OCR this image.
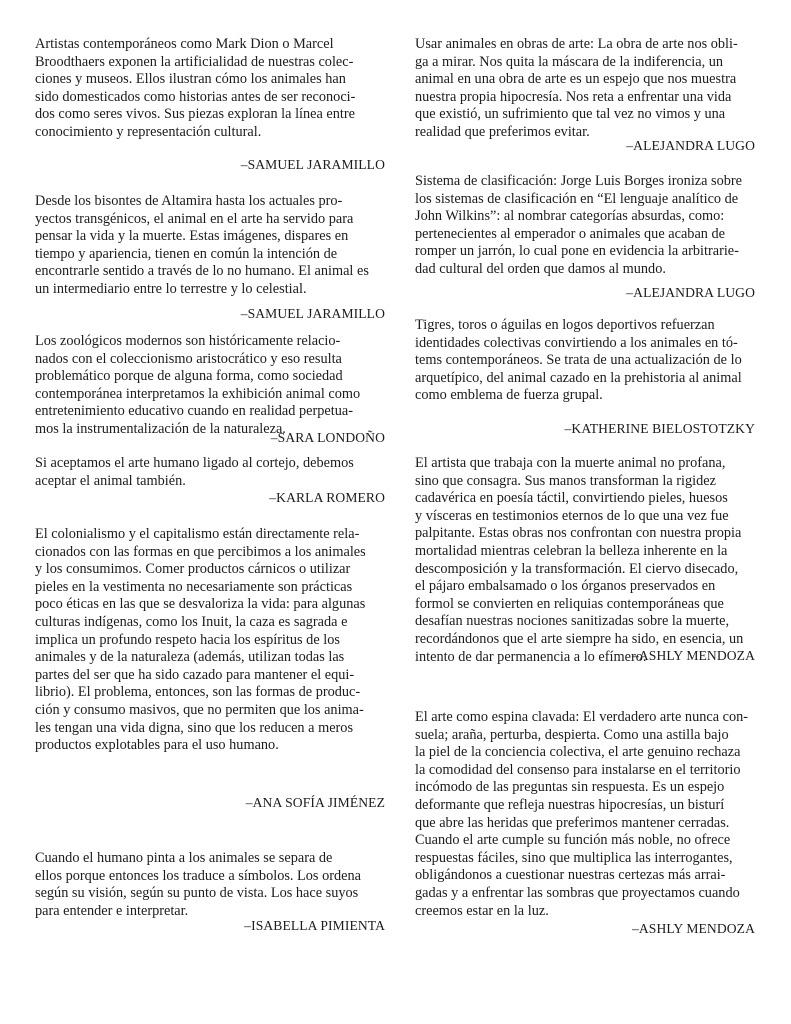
Artistas contemporáneos como Mark Dion o Marcel
Broodthaers exponen la artificialidad de nuestras colec-
ciones y museos. Ellos ilustran cómo los animales han
sido domesticados como historias antes de ser reconoci-
dos como seres vivos. Sus piezas exploran la línea entre
conocimiento y representación cultural.
–SAMUEL JARAMILLO
Desde los bisontes de Altamira hasta los actuales pro-
yectos transgénicos, el animal en el arte ha servido para
pensar la vida y la muerte. Estas imágenes, dispares en
tiempo y apariencia, tienen en común la intención de
encontrarle sentido a través de lo no humano. El animal es
un intermediario entre lo terrestre y lo celestial.
–SAMUEL JARAMILLO
Los zoológicos modernos son históricamente relacio-
nados con el coleccionismo aristocrático y eso resulta
problemático porque de alguna forma, como sociedad
contemporánea interpretamos la exhibición animal como
entretenimiento educativo cuando en realidad perpetua-
mos la instrumentalización de la naturaleza.
–SARA LONDOÑO
Si aceptamos el arte humano ligado al cortejo, debemos
aceptar el animal también.
–KARLA ROMERO
El colonialismo y el capitalismo están directamente rela-
cionados con las formas en que percibimos a los animales
y los consumimos. Comer productos cárnicos o utilizar
pieles en la vestimenta no necesariamente son prácticas
poco éticas en las que se desvaloriza la vida: para algunas
culturas indígenas, como los Inuit, la caza es sagrada e
implica un profundo respeto hacia los espíritus de los
animales y de la naturaleza (además, utilizan todas las
partes del ser que ha sido cazado para mantener el equi-
librio). El problema, entonces, son las formas de produc-
ción y consumo masivos, que no permiten que los anima-
les tengan una vida digna, sino que los reducen a meros
productos explotables para el uso humano.
–ANA SOFÍA JIMÉNEZ
Cuando el humano pinta a los animales se separa de
ellos porque entonces los traduce a símbolos. Los ordena
según su visión, según su punto de vista. Los hace suyos
para entender e interpretar.
–ISABELLA PIMIENTA
Usar animales en obras de arte: La obra de arte nos obli-
ga a mirar. Nos quita la máscara de la indiferencia, un
animal en una obra de arte es un espejo que nos muestra
nuestra propia hipocresía. Nos reta a enfrentar una vida
que existió, un sufrimiento que tal vez no vimos y una
realidad que preferimos evitar.
–ALEJANDRA LUGO
Sistema de clasificación: Jorge Luis Borges ironiza sobre
los sistemas de clasificación en “El lenguaje analítico de
John Wilkins”: al nombrar categorías absurdas, como:
pertenecientes al emperador o animales que acaban de
romper un jarrón, lo cual pone en evidencia la arbitrarie-
dad cultural del orden que damos al mundo.
–ALEJANDRA LUGO
Tigres, toros o águilas en logos deportivos refuerzan
identidades colectivas convirtiendo a los animales en tó-
tems contemporáneos. Se trata de una actualización de lo
arquetípico, del animal cazado en la prehistoria al animal
como emblema de fuerza grupal.
–KATHERINE BIELOSTOTZKY
El artista que trabaja con la muerte animal no profana,
sino que consagra. Sus manos transforman la rigidez
cadavérica en poesía táctil, convirtiendo pieles, huesos
y vísceras en testimonios eternos de lo que una vez fue
palpitante. Estas obras nos confrontan con nuestra propia
mortalidad mientras celebran la belleza inherente en la
descomposición y la transformación. El ciervo disecado,
el pájaro embalsamado o los órganos preservados en
formol se convierten en reliquias contemporáneas que
desafían nuestras nociones sanitizadas sobre la muerte,
recordándonos que el arte siempre ha sido, en esencia, un
intento de dar permanencia a lo efímero.
–ASHLY MENDOZA
El arte como espina clavada: El verdadero arte nunca con-
suela; araña, perturba, despierta. Como una astilla bajo
la piel de la conciencia colectiva, el arte genuino rechaza
la comodidad del consenso para instalarse en el territorio
incómodo de las preguntas sin respuesta. Es un espejo
deformante que refleja nuestras hipocresías, un bisturí
que abre las heridas que preferimos mantener cerradas.
Cuando el arte cumple su función más noble, no ofrece
respuestas fáciles, sino que multiplica las interrogantes,
obligándonos a cuestionar nuestras certezas más arrai-
gadas y a enfrentar las sombras que proyectamos cuando
creemos estar en la luz.
–ASHLY MENDOZA
